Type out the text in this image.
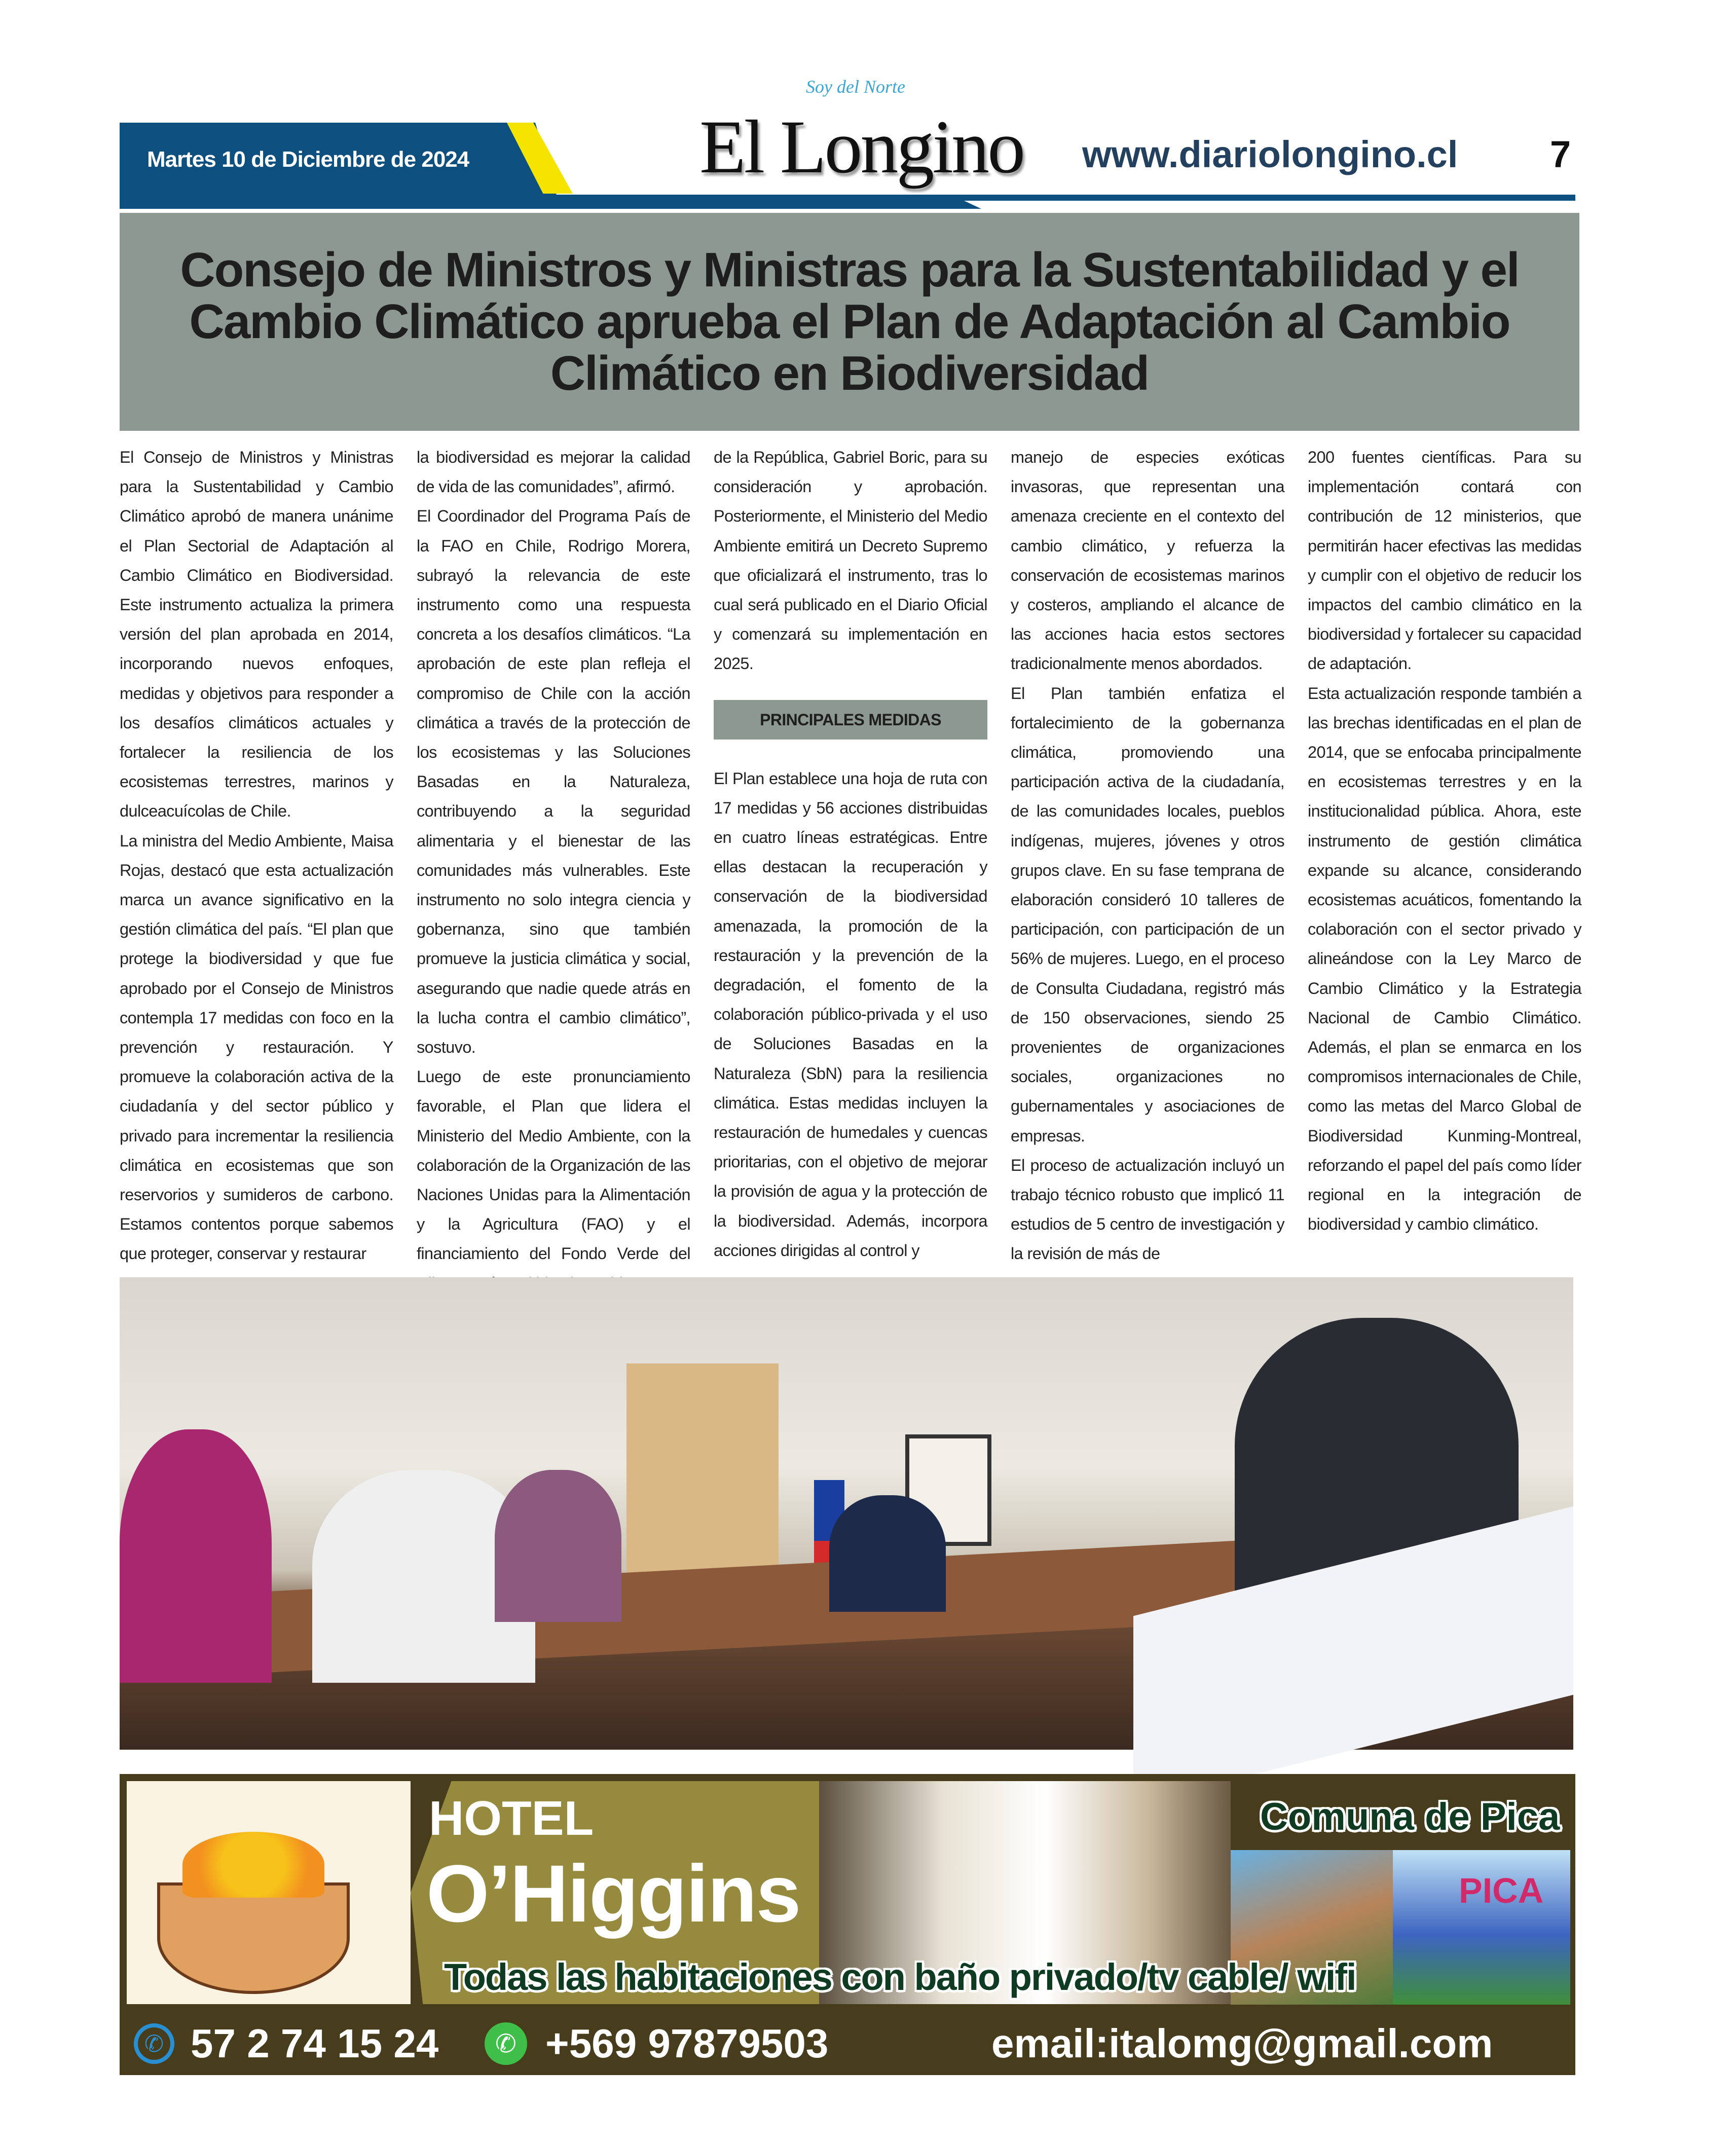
Martes 10 de Diciembre de 2024
Soy del Norte
El Longino www.diariolongino.cl 7
Consejo de Ministros y Ministras para la Sustentabilidad y el Cambio Climático aprueba el Plan de Adaptación al Cambio Climático en Biodiversidad

El Consejo de Ministros y Ministras para la Sustentabilidad y Cambio Climático aprobó de manera unánime el Plan Sectorial de Adaptación al Cambio Climático en Biodiversidad. Este instrumento actualiza la primera versión del plan aprobada en 2014, incorporando nuevos enfoques, medidas y objetivos para responder a los desafíos climáticos actuales y fortalecer la resiliencia de los ecosistemas terrestres, marinos y dulceacuícolas de Chile.

La ministra del Medio Ambiente, Maisa Rojas, destacó que esta actualización marca un avance significativo en la gestión climática del país. “El plan que protege la biodiversidad y que fue aprobado por el Consejo de Ministros contempla 17 medidas con foco en la prevención y restauración. Y promueve la colaboración activa de la ciudadanía y del sector público y privado para incrementar la resiliencia climática en ecosistemas que son reservorios y sumideros de carbono. Estamos contentos porque sabemos que proteger, conservar y restaurar

la biodiversidad es mejorar la calidad de vida de las comunidades”, afirmó.

El Coordinador del Programa País de la FAO en Chile, Rodrigo Morera, subrayó la relevancia de este instrumento como una respuesta concreta a los desafíos climáticos. “La aprobación de este plan refleja el compromiso de Chile con la acción climática a través de la protección de los ecosistemas y las Soluciones Basadas en la Naturaleza, contribuyendo a la seguridad alimentaria y el bienestar de las comunidades más vulnerables. Este instrumento no solo integra ciencia y gobernanza, sino que también promueve la justicia climática y social, asegurando que nadie quede atrás en la lucha contra el cambio climático”, sostuvo.

Luego de este pronunciamiento favorable, el Plan que lidera el Ministerio del Medio Ambiente, con la colaboración de la Organización de las Naciones Unidas para la Alimentación y la Agricultura (FAO) y el financiamiento del Fondo Verde del

de la República, Gabriel Boric, para su consideración y aprobación. Posteriormente, el Ministerio del Medio Ambiente emitirá un Decreto Supremo que oficializará el instrumento, tras lo cual será publicado en el Diario Oficial y comenzará su implementación en 2025.

PRINCIPALES MEDIDAS

El Plan establece una hoja de ruta con 17 medidas y 56 acciones distribuidas en cuatro líneas estratégicas. Entre ellas destacan la recuperación y conservación de la biodiversidad amenazada, la promoción de la restauración y la prevención de la degradación, el fomento de la colaboración público-privada y el uso de Soluciones Basadas en la Naturaleza (SbN) para la resiliencia climática. Estas medidas incluyen la restauración de humedales y cuencas prioritarias, con el objetivo de mejorar la provisión de agua y la protección de la biodiversidad. Además, incorpora acciones dirigidas al control y

manejo de especies exóticas invasoras, que representan una amenaza creciente en el contexto del cambio climático, y refuerza la conservación de ecosistemas marinos y costeros, ampliando el alcance de las acciones hacia estos sectores tradicionalmente menos abordados.

El Plan también enfatiza el fortalecimiento de la gobernanza climática, promoviendo una participación activa de la ciudadanía, de las comunidades locales, pueblos indígenas, mujeres, jóvenes y otros grupos clave. En su fase temprana de elaboración consideró 10 talleres de participación, con participación de un 56% de mujeres. Luego, en el proceso de Consulta Ciudadana, registró más de 150 observaciones, siendo 25 provenientes de organizaciones sociales, organizaciones no gubernamentales y asociaciones de empresas.

El proceso de actualización incluyó un trabajo técnico robusto que implicó 11 estudios de 5 centro de investigación y la revisión de más de

200 fuentes científicas. Para su implementación contará con contribución de 12 ministerios, que permitirán hacer efectivas las medidas y cumplir con el objetivo de reducir los impactos del cambio climático en la biodiversidad y fortalecer su capacidad de adaptación.

Esta actualización responde también a las brechas identificadas en el plan de 2014, que se enfocaba principalmente en ecosistemas terrestres y en la institucionalidad pública. Ahora, este instrumento de gestión climática expande su alcance, considerando ecosistemas acuáticos, fomentando la colaboración con el sector privado y alineándose con la Ley Marco de Cambio Climático y la Estrategia Nacional de Cambio Climático. Además, el plan se enmarca en los compromisos internacionales de Chile, como las metas del Marco Global de Biodiversidad Kunming-Montreal, reforzando el papel del país como líder regional en la integración de biodiversidad y cambio climático.

PICA
HOTEL
O’Higgins
Comuna de Pica
Todas las habitaciones con baño privado/tv cable/ wifi
✆ 57 2 74 15 24	✆ +569 97879503	email:italomg@gmail.com
